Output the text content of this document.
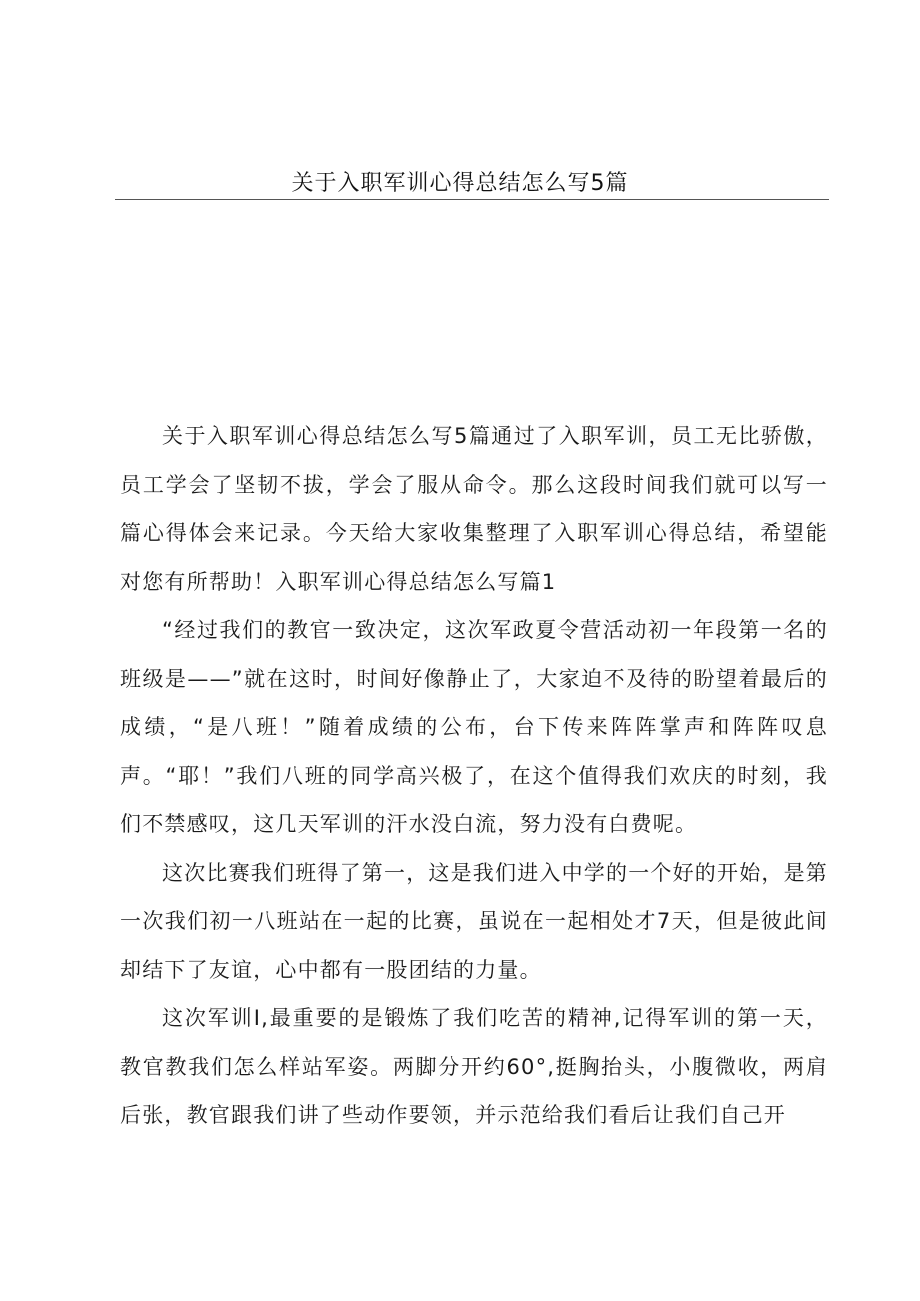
关于入职军训心得总结怎么写5篇

关于入职军训心得总结怎么写5篇通过了入职军训，员工无比骄傲，员工学会了坚韧不拔，学会了服从命令。那么这段时间我们就可以写一篇心得体会来记录。今天给大家收集整理了入职军训心得总结，希望能对您有所帮助！入职军训心得总结怎么写篇1

“经过我们的教官一致决定，这次军政夏令营活动初一年段第一名的班级是——”就在这时，时间好像静止了，大家迫不及待的盼望着最后的成绩，“是八班！”随着成绩的公布，台下传来阵阵掌声和阵阵叹息声。“耶！”我们八班的同学高兴极了，在这个值得我们欢庆的时刻，我们不禁感叹，这几天军训的汗水没白流，努力没有白费呢。

这次比赛我们班得了第一，这是我们进入中学的一个好的开始，是第一次我们初一八班站在一起的比赛，虽说在一起相处才7天，但是彼此间却结下了友谊，心中都有一股团结的力量。

这次军训I,最重要的是锻炼了我们吃苦的精神,记得军训的第一天，教官教我们怎么样站军姿。两脚分开约60°,挺胸抬头，小腹微收，两肩后张，教官跟我们讲了些动作要领，并示范给我们看后让我们自己开
